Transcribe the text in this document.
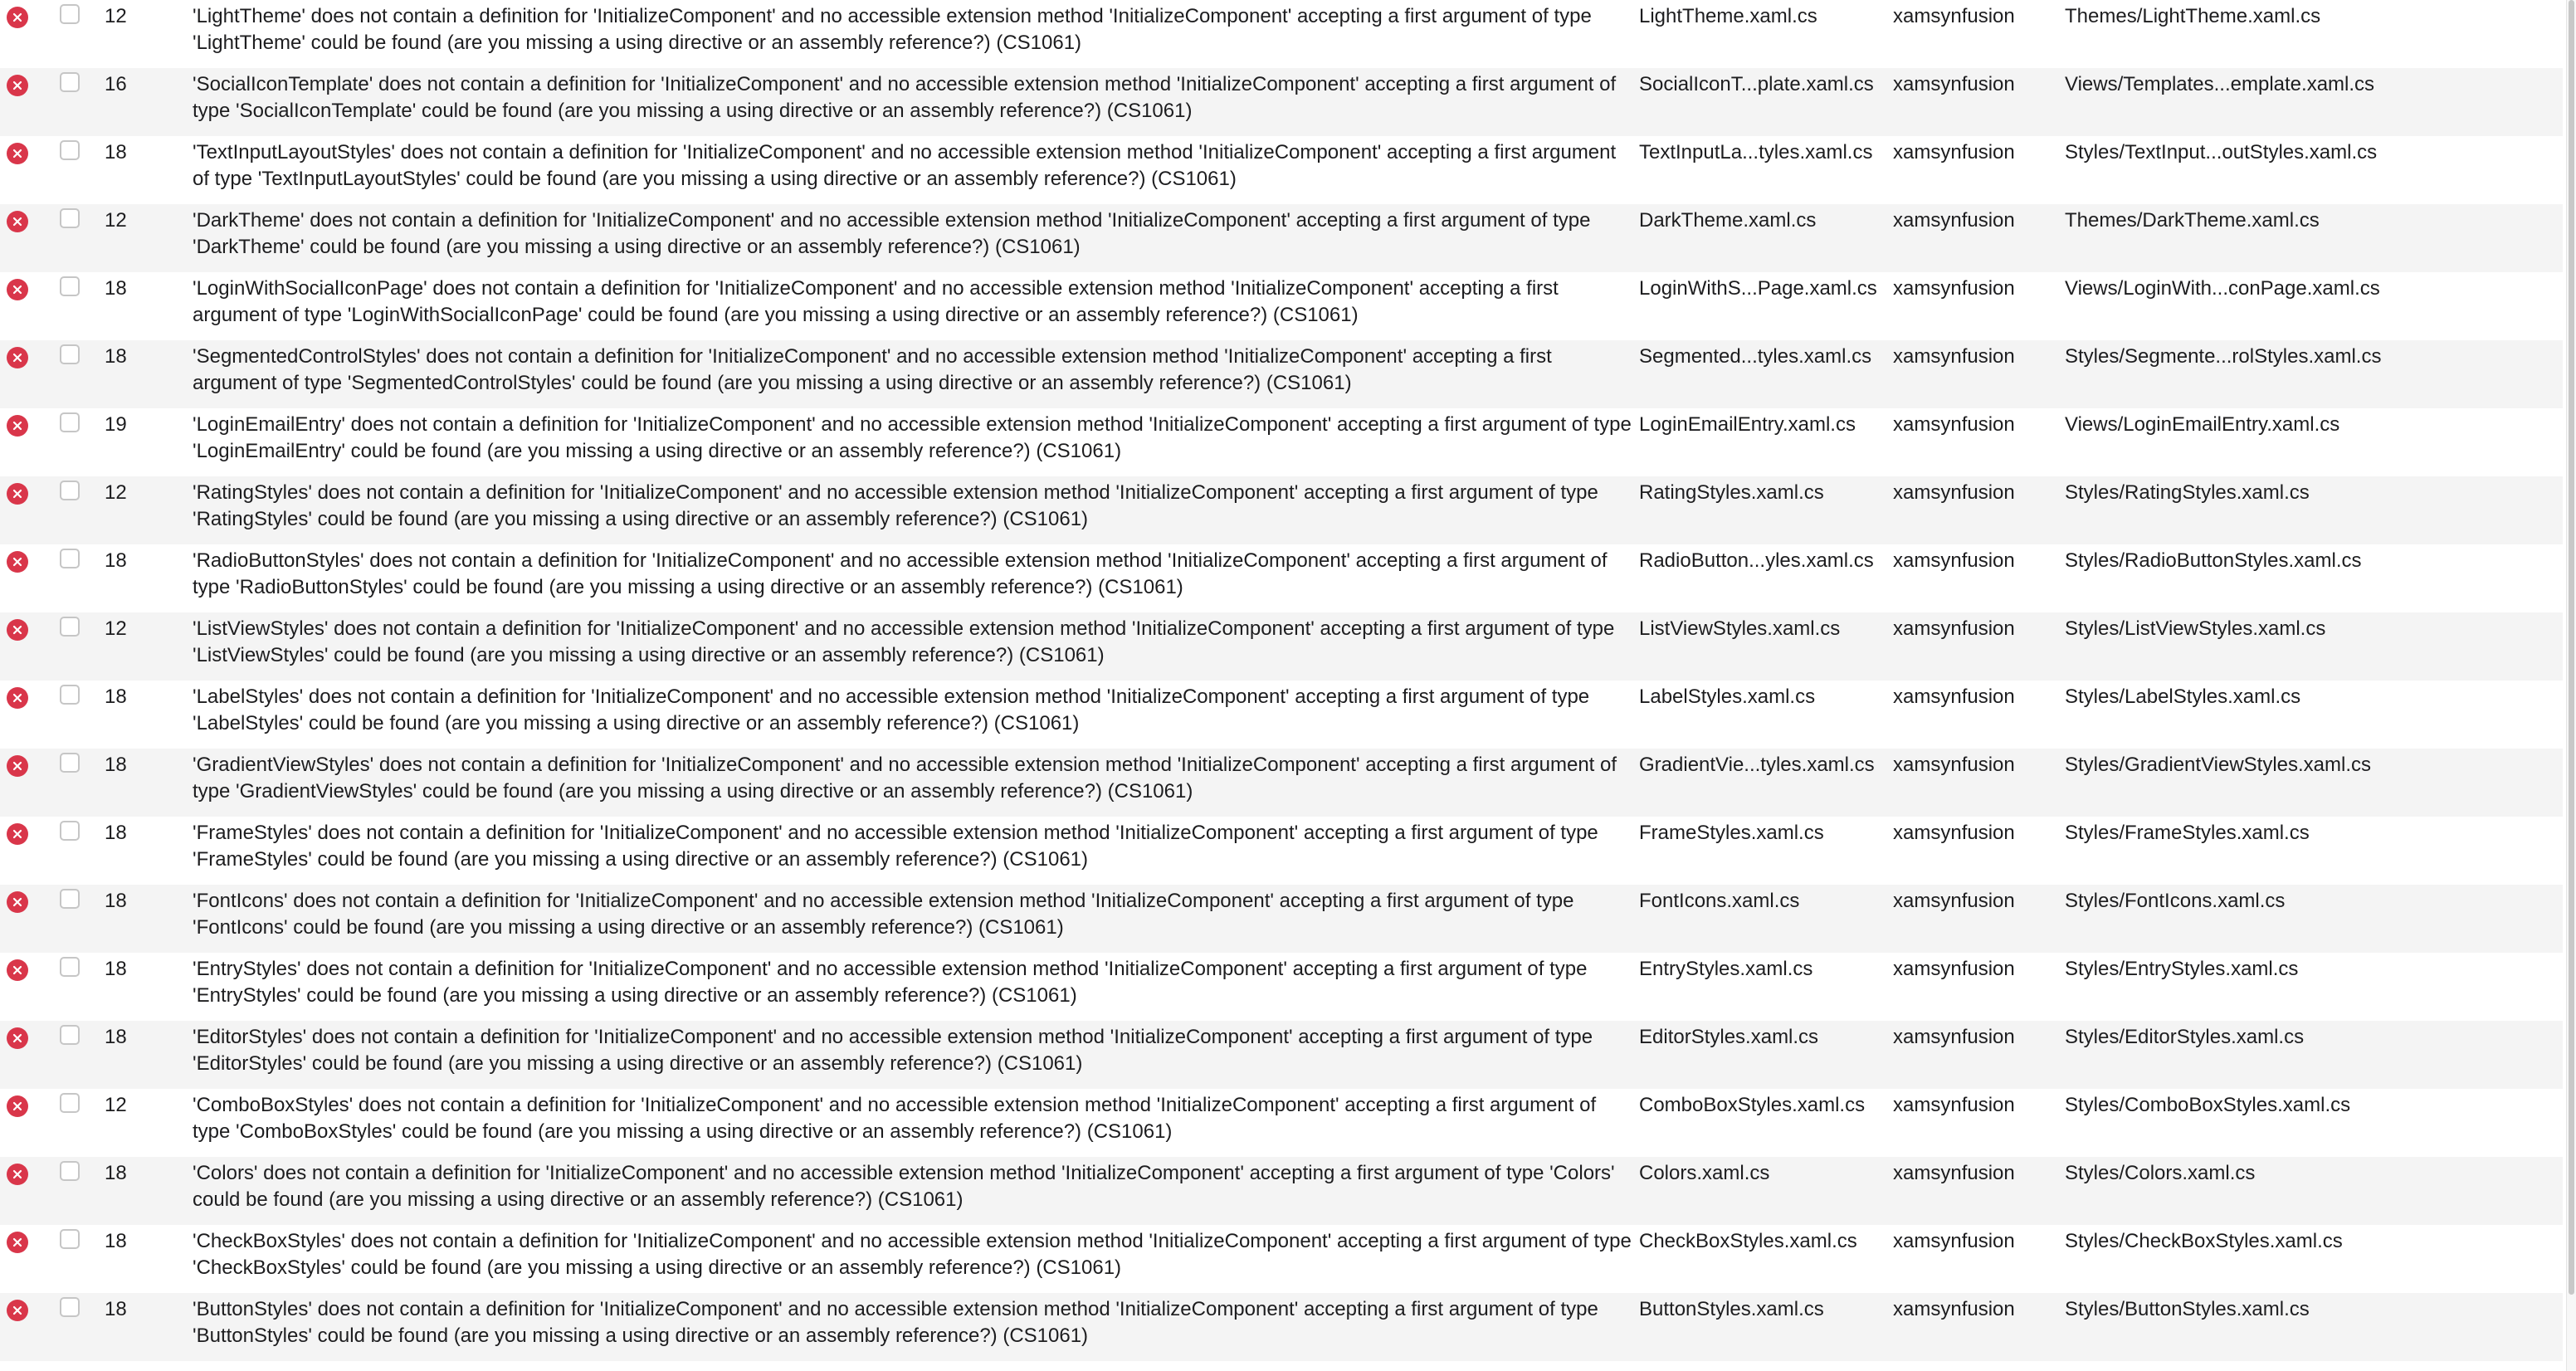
12	'LightTheme' does not contain a definition for 'InitializeComponent' and no accessible extension method 'InitializeComponent' accepting a first argument of type 'LightTheme' could be found (are you missing a using directive or an assembly reference?) (CS1061)
LightTheme.xaml.cs	xamsynfusion	Themes/LightTheme.xaml.cs
16	'SocialIconTemplate' does not contain a definition for 'InitializeComponent' and no accessible extension method 'InitializeComponent' accepting a first argument of type 'SocialIconTemplate' could be found (are you missing a using directive or an assembly reference?) (CS1061)
SocialIconT...plate.xaml.cs xamsynfusion	Views/Templates...emplate.xaml.cs
18	'TextInputLayoutStyles' does not contain a definition for 'InitializeComponent' and no accessible extension method 'InitializeComponent' accepting a first argument of type 'TextInputLayoutStyles' could be found (are you missing a using directive or an assembly reference?) (CS1061)
TextInputLa...tyles.xaml.cs	xamsynfusion	Styles/TextInput...outStyles.xaml.cs
12	'DarkTheme' does not contain a definition for 'InitializeComponent' and no accessible extension method 'InitializeComponent' accepting a first argument of type 'DarkTheme' could be found (are you missing a using directive or an assembly reference?) (CS1061)
DarkTheme.xaml.cs	xamsynfusion	Themes/DarkTheme.xaml.cs
18	'LoginWithSocialIconPage' does not contain a definition for 'InitializeComponent' and no accessible extension method 'InitializeComponent' accepting a first argument of type 'LoginWithSocialIconPage' could be found (are you missing a using directive or an assembly reference?) (CS1061)
LoginWithS...Page.xaml.cs xamsynfusion	Views/LoginWith...conPage.xaml.cs
18	'SegmentedControlStyles' does not contain a definition for 'InitializeComponent' and no accessible extension method 'InitializeComponent' accepting a first argument of type 'SegmentedControlStyles' could be found (are you missing a using directive or an assembly reference?) (CS1061)
Segmented...tyles.xaml.cs	xamsynfusion	Styles/Segmente...rolStyles.xaml.cs
19	'LoginEmailEntry' does not contain a definition for 'InitializeComponent' and no accessible extension method 'InitializeComponent' accepting a first argument of type 'LoginEmailEntry' could be found (are you missing a using directive or an assembly reference?) (CS1061)
LoginEmailEntry.xaml.cs	xamsynfusion	Views/LoginEmailEntry.xaml.cs
12	'RatingStyles' does not contain a definition for 'InitializeComponent' and no accessible extension method 'InitializeComponent' accepting a first argument of type 'RatingStyles' could be found (are you missing a using directive or an assembly reference?) (CS1061)
RatingStyles.xaml.cs	xamsynfusion	Styles/RatingStyles.xaml.cs
18	'RadioButtonStyles' does not contain a definition for 'InitializeComponent' and no accessible extension method 'InitializeComponent' accepting a first argument of type 'RadioButtonStyles' could be found (are you missing a using directive or an assembly reference?) (CS1061)
RadioButton...yles.xaml.cs xamsynfusion	Styles/RadioButtonStyles.xaml.cs
12	'ListViewStyles' does not contain a definition for 'InitializeComponent' and no accessible extension method 'InitializeComponent' accepting a first argument of type 'ListViewStyles' could be found (are you missing a using directive or an assembly reference?) (CS1061)
ListViewStyles.xaml.cs	xamsynfusion	Styles/ListViewStyles.xaml.cs
18	'LabelStyles' does not contain a definition for 'InitializeComponent' and no accessible extension method 'InitializeComponent' accepting a first argument of type 'LabelStyles' could be found (are you missing a using directive or an assembly reference?) (CS1061)
LabelStyles.xaml.cs	xamsynfusion	Styles/LabelStyles.xaml.cs
18	'GradientViewStyles' does not contain a definition for 'InitializeComponent' and no accessible extension method 'InitializeComponent' accepting a first argument of type 'GradientViewStyles' could be found (are you missing a using directive or an assembly reference?) (CS1061)
GradientVie...tyles.xaml.cs xamsynfusion	Styles/GradientViewStyles.xaml.cs
18	'FrameStyles' does not contain a definition for 'InitializeComponent' and no accessible extension method 'InitializeComponent' accepting a first argument of type 'FrameStyles' could be found (are you missing a using directive or an assembly reference?) (CS1061)
FrameStyles.xaml.cs	xamsynfusion	Styles/FrameStyles.xaml.cs
18	'FontIcons' does not contain a definition for 'InitializeComponent' and no accessible extension method 'InitializeComponent' accepting a first argument of type 'FontIcons' could be found (are you missing a using directive or an assembly reference?) (CS1061)
FontIcons.xaml.cs	xamsynfusion	Styles/FontIcons.xaml.cs
18	'EntryStyles' does not contain a definition for 'InitializeComponent' and no accessible extension method 'InitializeComponent' accepting a first argument of type 'EntryStyles' could be found (are you missing a using directive or an assembly reference?) (CS1061)
EntryStyles.xaml.cs	xamsynfusion	Styles/EntryStyles.xaml.cs
18	'EditorStyles' does not contain a definition for 'InitializeComponent' and no accessible extension method 'InitializeComponent' accepting a first argument of type 'EditorStyles' could be found (are you missing a using directive or an assembly reference?) (CS1061)
EditorStyles.xaml.cs	xamsynfusion	Styles/EditorStyles.xaml.cs
12	'ComboBoxStyles' does not contain a definition for 'InitializeComponent' and no accessible extension method 'InitializeComponent' accepting a first argument of type 'ComboBoxStyles' could be found (are you missing a using directive or an assembly reference?) (CS1061)
ComboBoxStyles.xaml.cs	xamsynfusion	Styles/ComboBoxStyles.xaml.cs
18	'Colors' does not contain a definition for 'InitializeComponent' and no accessible extension method 'InitializeComponent' accepting a first argument of type 'Colors' could be found (are you missing a using directive or an assembly reference?) (CS1061)
Colors.xaml.cs	xamsynfusion	Styles/Colors.xaml.cs
18	'CheckBoxStyles' does not contain a definition for 'InitializeComponent' and no accessible extension method 'InitializeComponent' accepting a first argument of type 'CheckBoxStyles' could be found (are you missing a using directive or an assembly reference?) (CS1061)
CheckBoxStyles.xaml.cs	xamsynfusion	Styles/CheckBoxStyles.xaml.cs
18	'ButtonStyles' does not contain a definition for 'InitializeComponent' and no accessible extension method 'InitializeComponent' accepting a first argument of type 'ButtonStyles' could be found (are you missing a using directive or an assembly reference?) (CS1061)
ButtonStyles.xaml.cs	xamsynfusion	Styles/ButtonStyles.xaml.cs
